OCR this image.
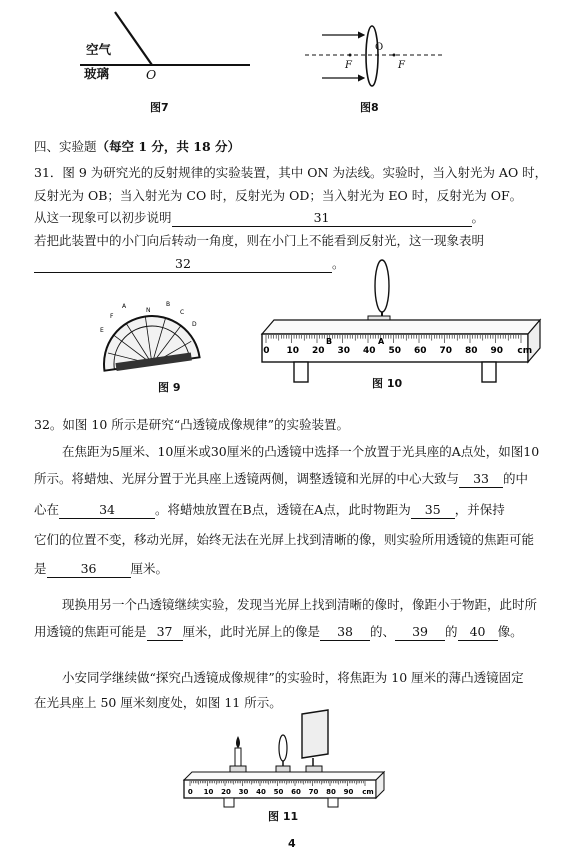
空气
玻璃	O
图7
O
F	F
图8
四、实验题（每空 1 分，共 18 分）
31．图 9 为研究光的反射规律的实验装置，其中 ON 为法线。实验时，当入射光为 AO 时，
反射光为 OB；当入射光为 CO 时，反射光为 OD；当入射光为 EO 时，反射光为 OF。
从这一现象可以初步说明	31	。
若把此装置中的小门向后转动一角度，则在小门上不能看到反射光，这一现象表明
32	。
E
F
A	B
C
D
N
图 9
0 10 20 30 40 50 60 70 80 90 cm
A
B
图 10
32。如图 10 所示是研究“凸透镜成像规律”的实验装置。
在焦距为5厘米、10厘米或30厘米的凸透镜中选择一个放置于光具座的A点处，如图10
所示。将蜡烛、光屏分置于光具座上透镜两侧，调整透镜和光屏的中心大致与 33 的中
心在	34	。将蜡烛放置在B点，透镜在A点，此时物距为 35 ，并保持
它们的位置不变，移动光屏，始终无法在光屏上找到清晰的像，则实验所用透镜的焦距可能
是	36	厘米。
现换用另一个凸透镜继续实验，发现当光屏上找到清晰的像时，像距小于物距，此时所
用透镜的焦距可能是 37 厘米，此时光屏上的像是 38 的、 39 的 40 像。
小安同学继续做“探究凸透镜成像规律”的实验时，将焦距为 10 厘米的薄凸透镜固定
在光具座上 50 厘米刻度处，如图 11 所示。
0 10 20 30 40 50 60 70 80 90 cm
图 11
4
